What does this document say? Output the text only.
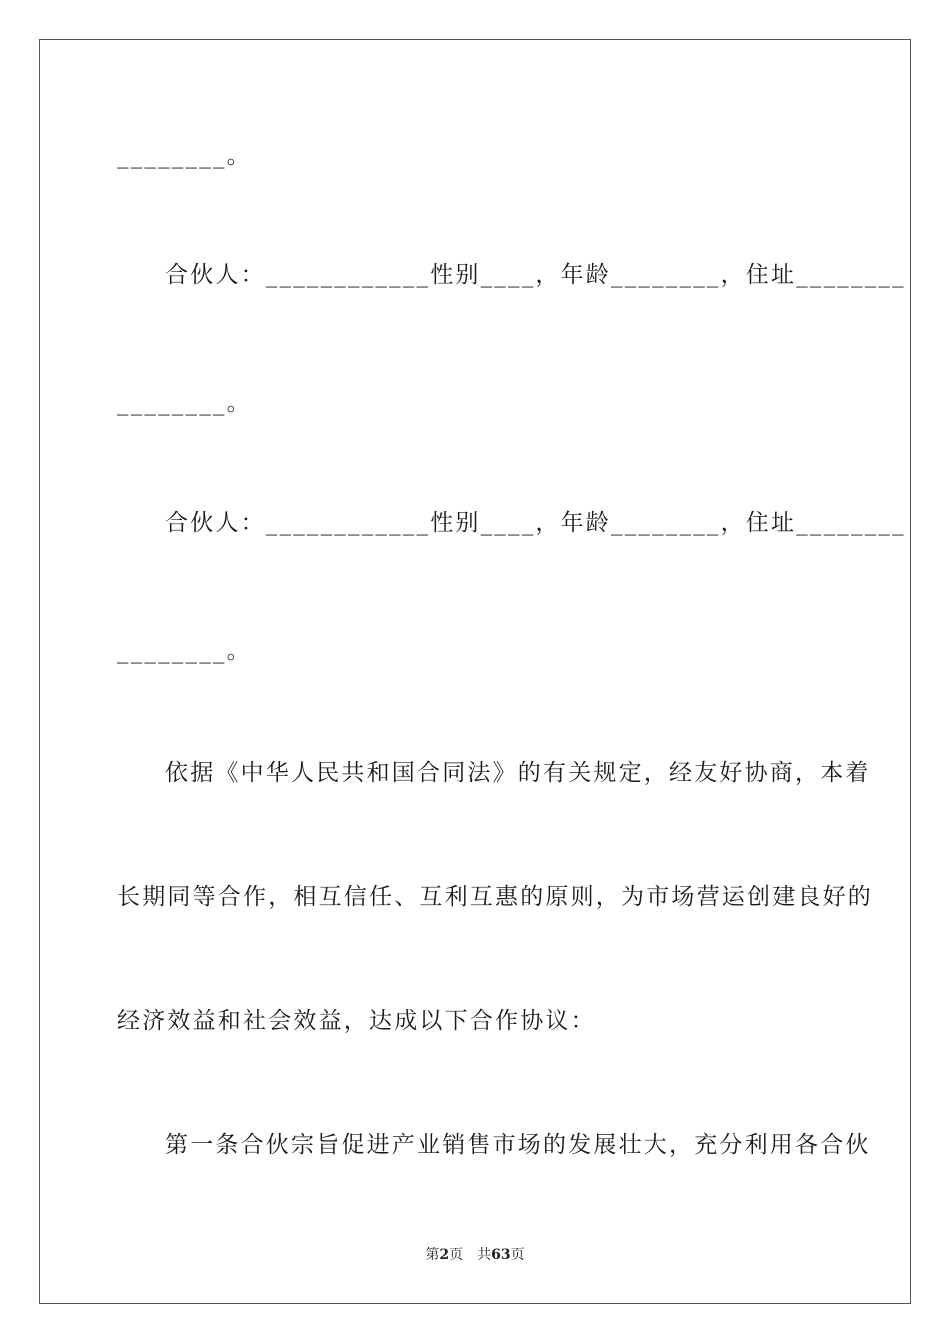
________。
合伙人：____________性别____，年龄________，住址________
________。
合伙人：____________性别____，年龄________，住址________
________。
依据《中华人民共和国合同法》的有关规定，经友好协商，本着
长期同等合作，相互信任、互利互惠的原则，为市场营运创建良好的
经济效益和社会效益，达成以下合作协议：
第一条合伙宗旨促进产业销售市场的发展壮大，充分利用各合伙
第2页　共63页
